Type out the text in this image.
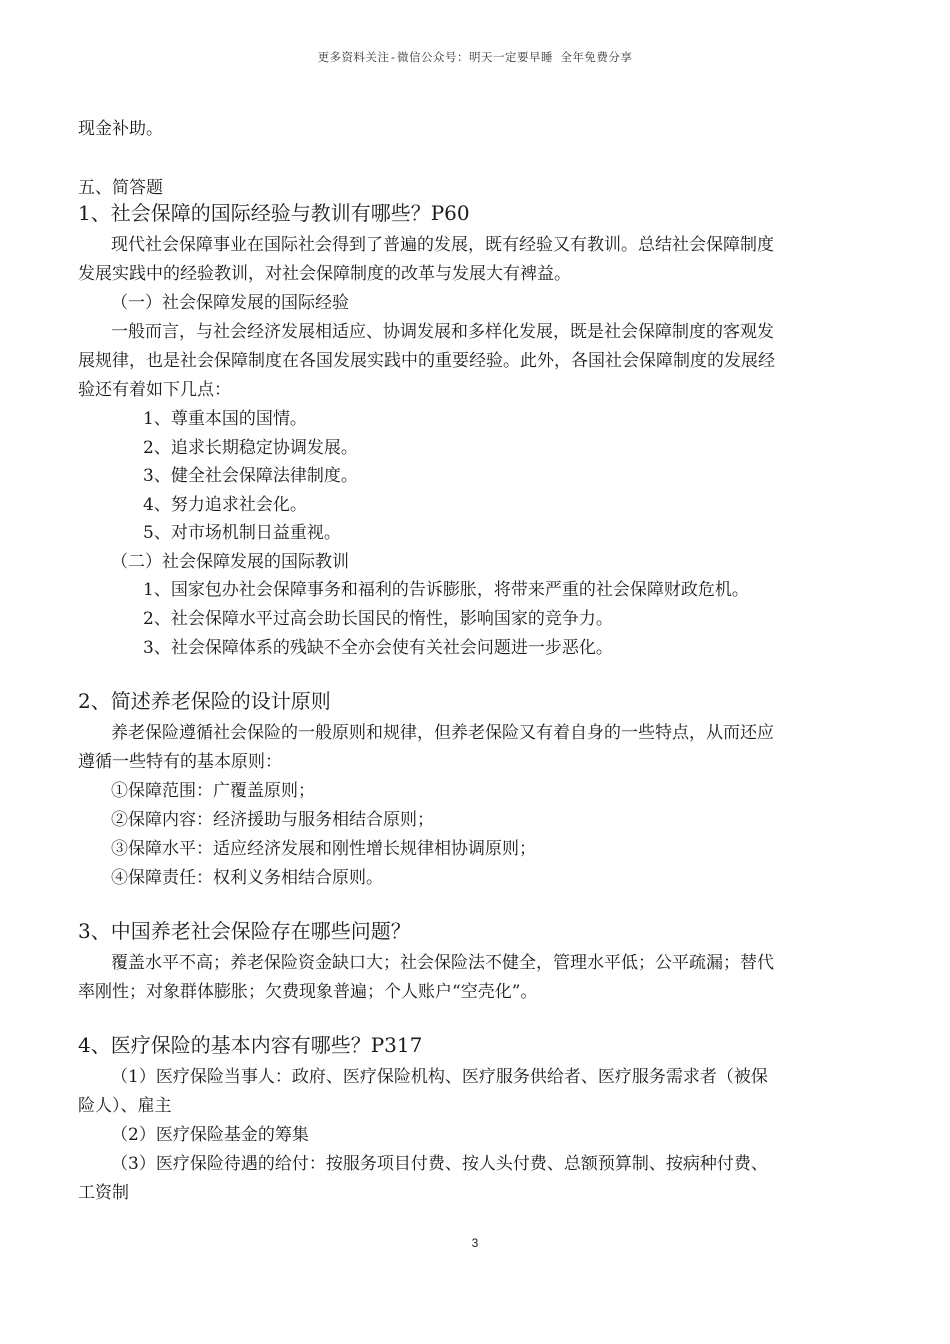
更多资料关注-微信公众号：明天一定要早睡 全年免费分享
现金补助。
五、简答题
1、社会保障的国际经验与教训有哪些？P60
现代社会保障事业在国际社会得到了普遍的发展，既有经验又有教训。总结社会保障制度
发展实践中的经验教训，对社会保障制度的改革与发展大有裨益。
（一）社会保障发展的国际经验
一般而言，与社会经济发展相适应、协调发展和多样化发展，既是社会保障制度的客观发
展规律，也是社会保障制度在各国发展实践中的重要经验。此外，各国社会保障制度的发展经
验还有着如下几点：
1、尊重本国的国情。
2、追求长期稳定协调发展。
3、健全社会保障法律制度。
4、努力追求社会化。
5、对市场机制日益重视。
（二）社会保障发展的国际教训
1、国家包办社会保障事务和福利的告诉膨胀，将带来严重的社会保障财政危机。
2、社会保障水平过高会助长国民的惰性，影响国家的竞争力。
3、社会保障体系的残缺不全亦会使有关社会问题进一步恶化。
2、简述养老保险的设计原则
养老保险遵循社会保险的一般原则和规律，但养老保险又有着自身的一些特点，从而还应
遵循一些特有的基本原则：
①保障范围：广覆盖原则；
②保障内容：经济援助与服务相结合原则；
③保障水平：适应经济发展和刚性增长规律相协调原则；
④保障责任：权利义务相结合原则。
3、中国养老社会保险存在哪些问题？
覆盖水平不高；养老保险资金缺口大；社会保险法不健全，管理水平低；公平疏漏；替代
率刚性；对象群体膨胀；欠费现象普遍；个人账户“空壳化”。
4、医疗保险的基本内容有哪些？P317
（1）医疗保险当事人：政府、医疗保险机构、医疗服务供给者、医疗服务需求者（被保
险人）、雇主
（2）医疗保险基金的筹集
（3）医疗保险待遇的给付：按服务项目付费、按人头付费、总额预算制、按病种付费、
工资制
3
